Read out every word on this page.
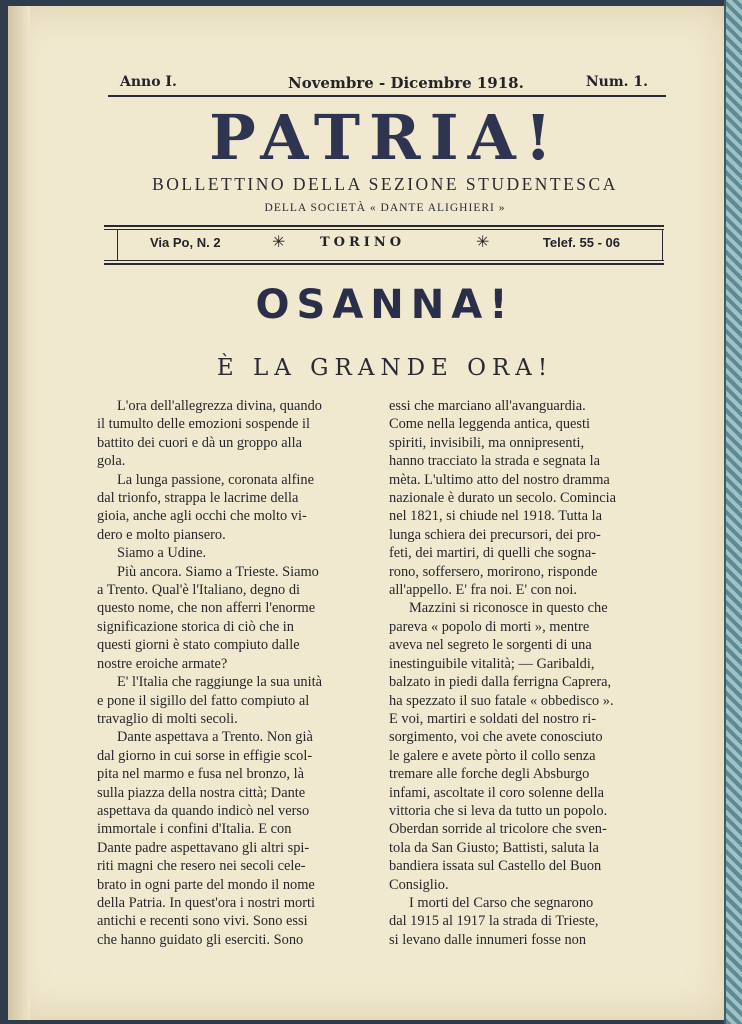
Anno I.	Novembre - Dicembre 1918.	Num. 1.
PATRIA!
BOLLETTINO DELLA SEZIONE STUDENTESCA
DELLA SOCIETÀ « DANTE ALIGHIERI »
Via Po, N. 2	✳	TORINO	✳	Telef. 55 - 06
OSANNA!
È LA GRANDE ORA!
L'ora dell'allegrezza divina, quando
il tumulto delle emozioni sospende il
battito dei cuori e dà un groppo alla
gola.
La lunga passione, coronata alfine
dal trionfo, strappa le lacrime della
gioia, anche agli occhi che molto vi-
dero e molto piansero.
Siamo a Udine.
Più ancora. Siamo a Trieste. Siamo
a Trento. Qual'è l'Italiano, degno di
questo nome, che non afferri l'enorme
significazione storica di ciò che in
questi giorni è stato compiuto dalle
nostre eroiche armate?
E' l'Italia che raggiunge la sua unità
e pone il sigillo del fatto compiuto al
travaglio di molti secoli.
Dante aspettava a Trento. Non già
dal giorno in cui sorse in effigie scol-
pita nel marmo e fusa nel bronzo, là
sulla piazza della nostra città; Dante
aspettava da quando indicò nel verso
immortale i confini d'Italia. E con
Dante padre aspettavano gli altri spi-
riti magni che resero nei secoli cele-
brato in ogni parte del mondo il nome
della Patria. In quest'ora i nostri morti
antichi e recenti sono vivi. Sono essi
che hanno guidato gli eserciti. Sono
essi che marciano all'avanguardia.
Come nella leggenda antica, questi
spiriti, invisibili, ma onnipresenti,
hanno tracciato la strada e segnata la
mèta. L'ultimo atto del nostro dramma
nazionale è durato un secolo. Comincia
nel 1821, si chiude nel 1918. Tutta la
lunga schiera dei precursori, dei pro-
feti, dei martiri, di quelli che sogna-
rono, soffersero, morirono, risponde
all'appello. E' fra noi. E' con noi.
Mazzini si riconosce in questo che
pareva « popolo di morti », mentre
aveva nel segreto le sorgenti di una
inestinguibile vitalità; — Garibaldi,
balzato in piedi dalla ferrigna Caprera,
ha spezzato il suo fatale « obbedisco ».
E voi, martiri e soldati del nostro ri-
sorgimento, voi che avete conosciuto
le galere e avete pòrto il collo senza
tremare alle forche degli Absburgo
infami, ascoltate il coro solenne della
vittoria che si leva da tutto un popolo.
Oberdan sorride al tricolore che sven-
tola da San Giusto; Battisti, saluta la
bandiera issata sul Castello del Buon
Consiglio.
I morti del Carso che segnarono
dal 1915 al 1917 la strada di Trieste,
si levano dalle innumeri fosse non
